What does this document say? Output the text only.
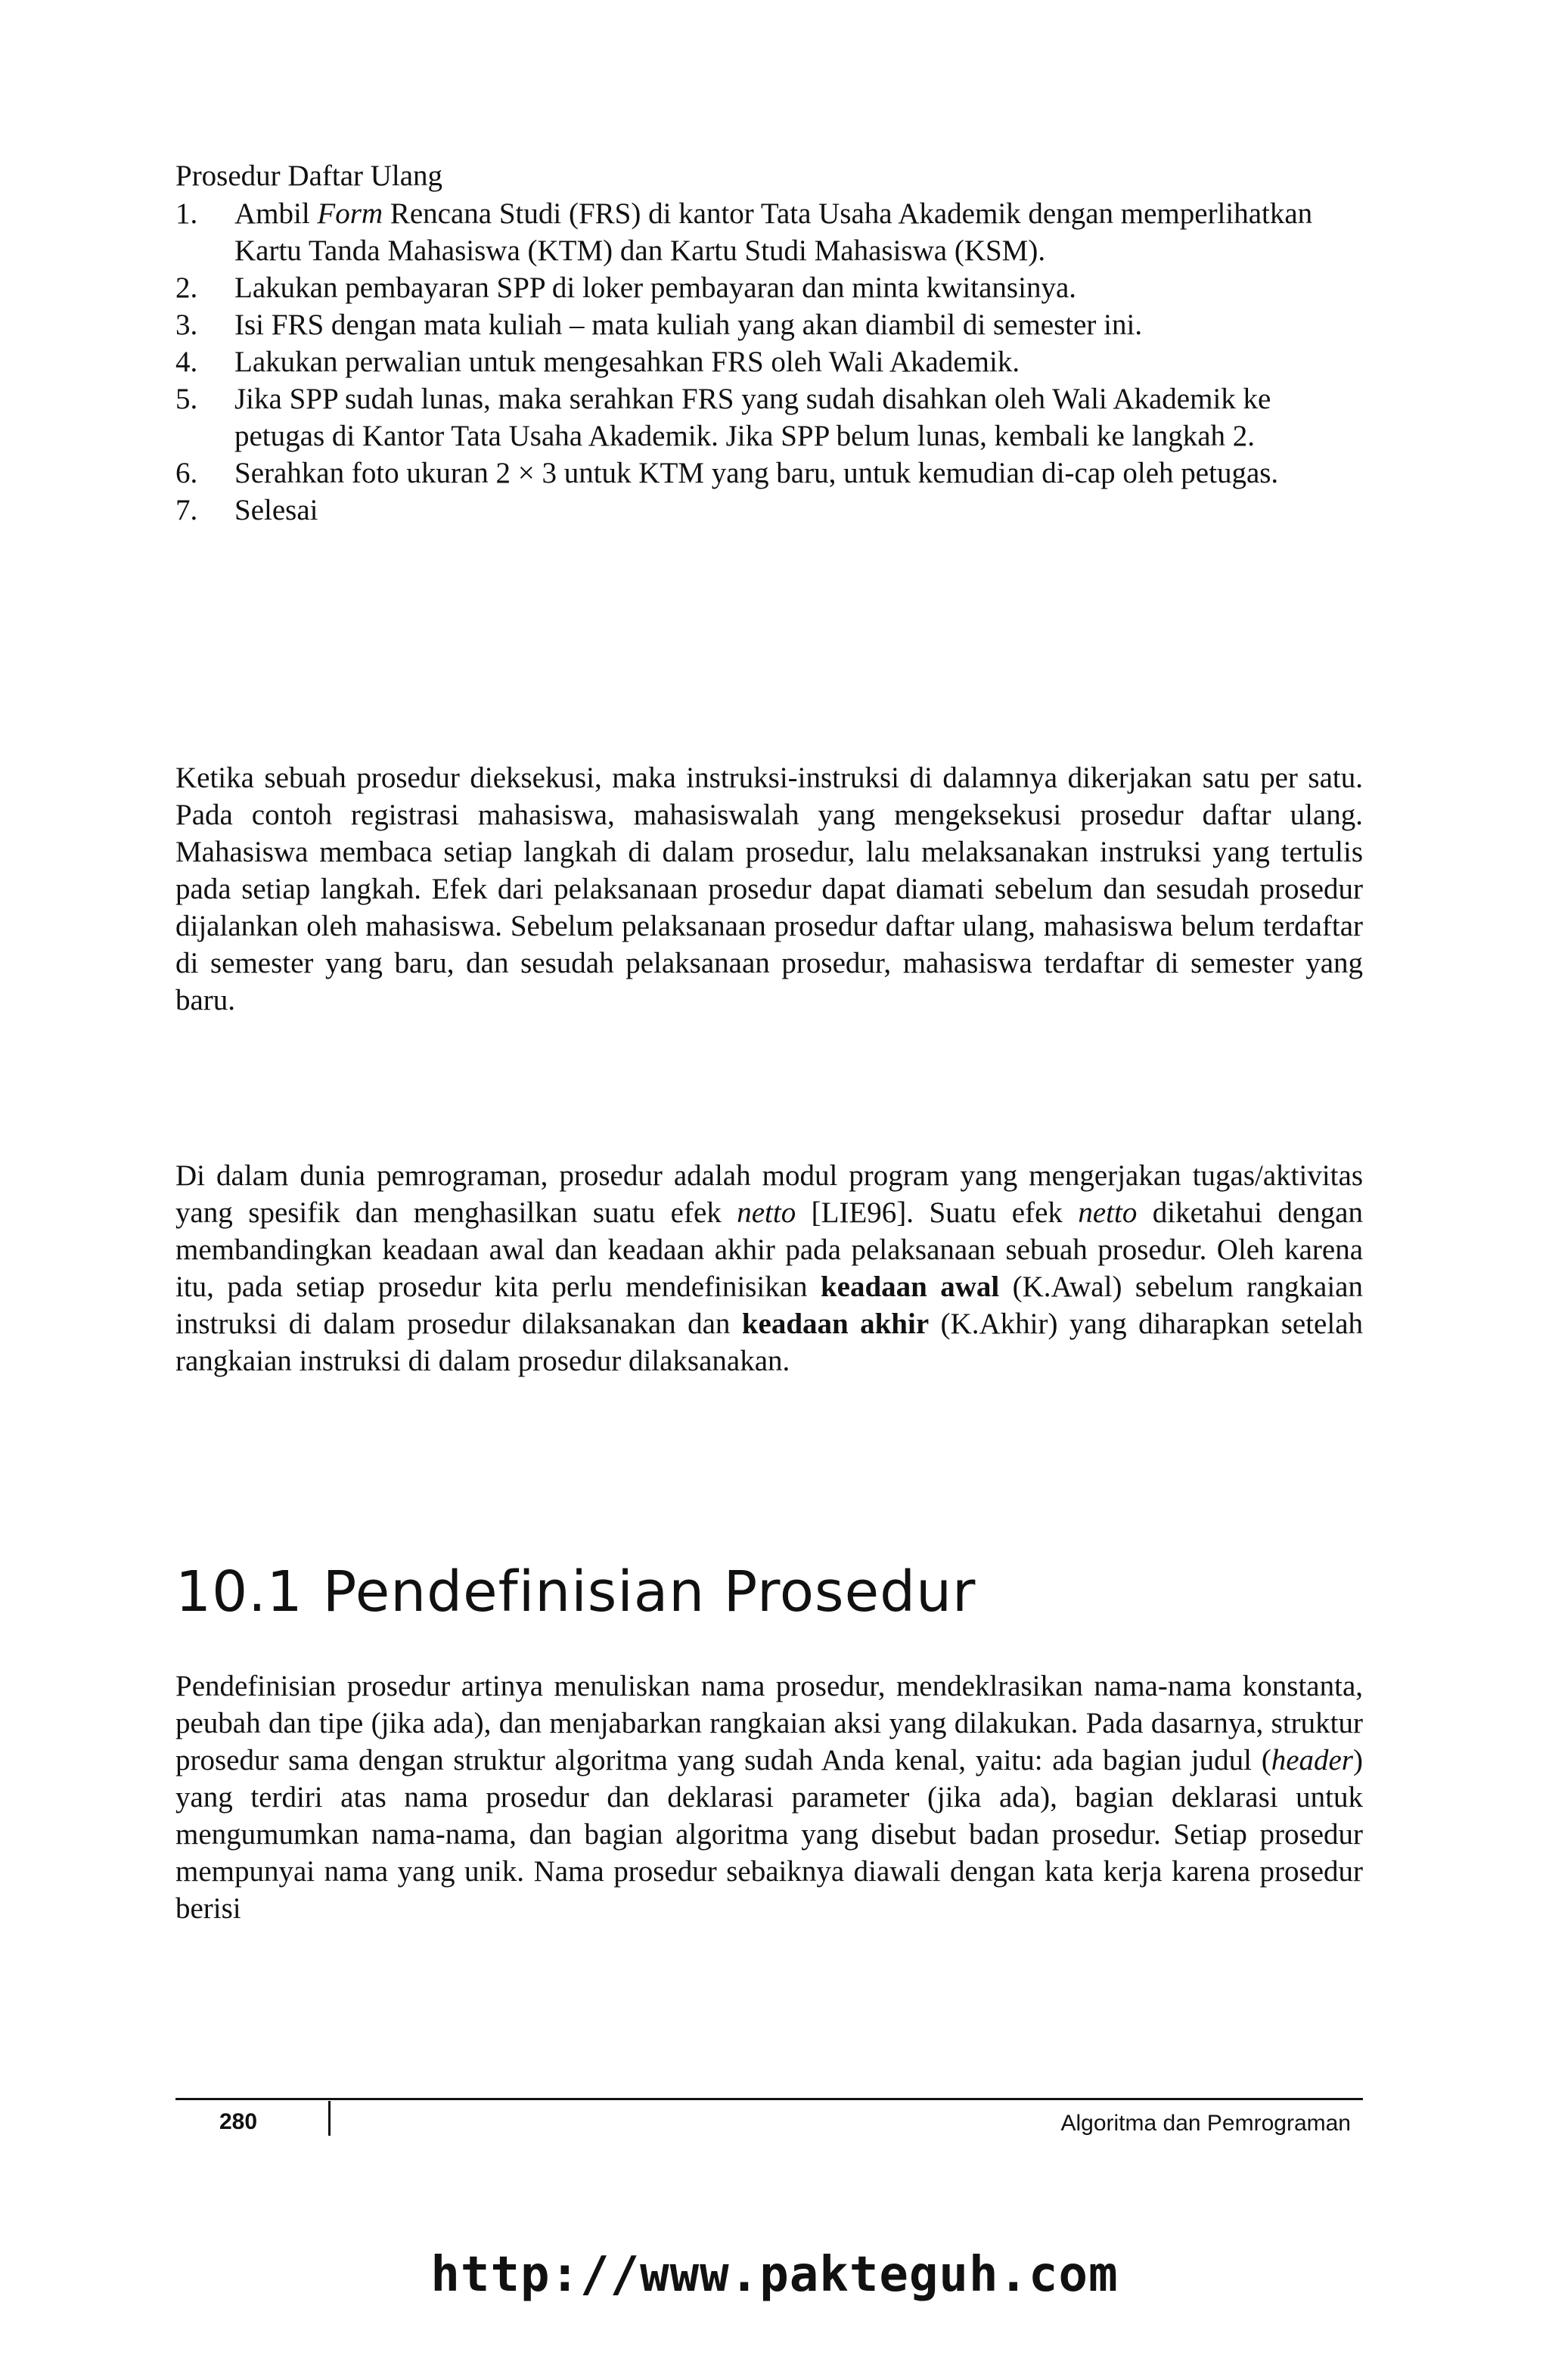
Prosedur Daftar Ulang
1.	Ambil Form Rencana Studi (FRS) di kantor Tata Usaha Akademik dengan memperlihatkan Kartu Tanda Mahasiswa (KTM) dan Kartu Studi Mahasiswa (KSM).
2.	Lakukan pembayaran SPP di loker pembayaran dan minta kwitansinya.
3.	Isi FRS dengan mata kuliah – mata kuliah yang akan diambil di semester ini.
4.	Lakukan perwalian untuk mengesahkan FRS oleh Wali Akademik.
5.	Jika SPP sudah lunas, maka serahkan FRS yang sudah disahkan oleh Wali Akademik ke petugas di Kantor Tata Usaha Akademik. Jika SPP belum lunas, kembali ke langkah 2.
6.	Serahkan foto ukuran 2 × 3 untuk KTM yang baru, untuk kemudian di-cap oleh petugas.
7.	Selesai

Ketika sebuah prosedur dieksekusi, maka instruksi-instruksi di dalamnya dikerjakan satu per satu. Pada contoh registrasi mahasiswa, mahasiswalah yang mengeksekusi prosedur daftar ulang. Mahasiswa membaca setiap langkah di dalam prosedur, lalu melaksanakan instruksi yang tertulis pada setiap langkah. Efek dari pelaksanaan prosedur dapat diamati sebelum dan sesudah prosedur dijalankan oleh mahasiswa. Sebelum pelaksanaan prosedur daftar ulang, mahasiswa belum terdaftar di semester yang baru, dan sesudah pelaksanaan prosedur, mahasiswa terdaftar di semester yang baru.

Di dalam dunia pemrograman, prosedur adalah modul program yang mengerjakan tugas/aktivitas yang spesifik dan menghasilkan suatu efek netto [LIE96]. Suatu efek netto diketahui dengan membandingkan keadaan awal dan keadaan akhir pada pelaksanaan sebuah prosedur. Oleh karena itu, pada setiap prosedur kita perlu mendefinisikan keadaan awal (K.Awal) sebelum rangkaian instruksi di dalam prosedur dilaksanakan dan keadaan akhir (K.Akhir) yang diharapkan setelah rangkaian instruksi di dalam prosedur dilaksanakan.

10.1 Pendefinisian Prosedur

Pendefinisian prosedur artinya menuliskan nama prosedur, mendeklrasikan nama-nama konstanta, peubah dan tipe (jika ada), dan menjabarkan rangkaian aksi yang dilakukan. Pada dasarnya, struktur prosedur sama dengan struktur algoritma yang sudah Anda kenal, yaitu: ada bagian judul (header) yang terdiri atas nama prosedur dan deklarasi parameter (jika ada), bagian deklarasi untuk mengumumkan nama-nama, dan bagian algoritma yang disebut badan prosedur. Setiap prosedur mempunyai nama yang unik. Nama prosedur sebaiknya diawali dengan kata kerja karena prosedur berisi

280	Algoritma dan Pemrograman
http://www.pakteguh.com
